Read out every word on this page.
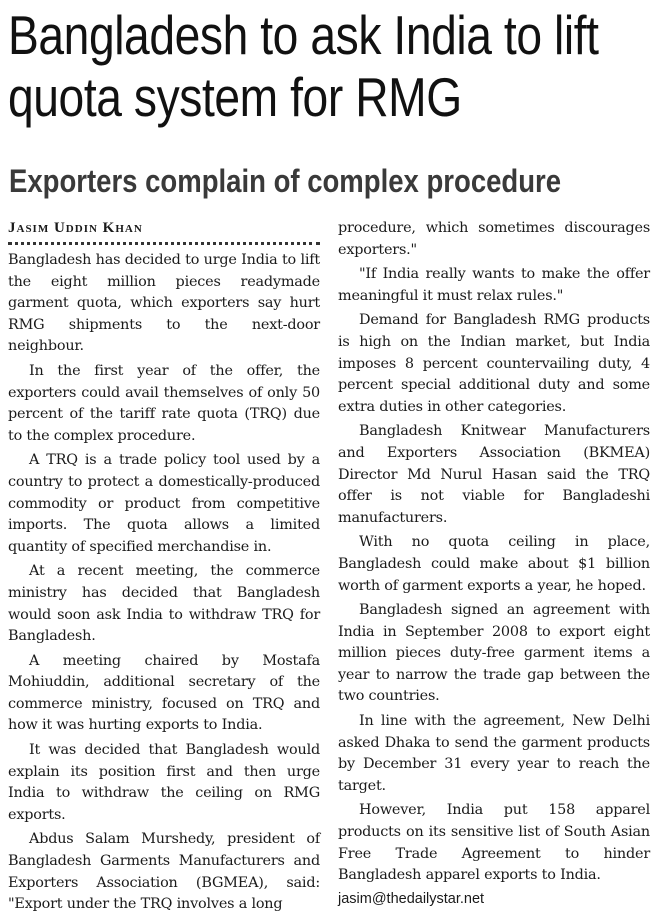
Bangladesh to ask India to lift quota system for RMG
Exporters complain of complex procedure
Jasim Uddin Khan

Bangladesh has decided to urge India to lift the eight million pieces readymade garment quota, which exporters say hurt RMG shipments to the next-door neighbour.

In the first year of the offer, the exporters could avail themselves of only 50 percent of the tariff rate quota (TRQ) due to the complex procedure.

A TRQ is a trade policy tool used by a country to protect a domestically-produced commodity or product from competitive imports. The quota allows a limited quantity of specified merchandise in.

At a recent meeting, the commerce ministry has decided that Bangladesh would soon ask India to withdraw TRQ for Bangladesh.

A meeting chaired by Mostafa Mohiuddin, additional secretary of the commerce ministry, focused on TRQ and how it was hurting exports to India.

It was decided that Bangladesh would explain its position first and then urge India to withdraw the ceiling on RMG exports.

Abdus Salam Murshedy, president of Bangladesh Garments Manufacturers and Exporters Association (BGMEA), said: "Export under the TRQ involves a long

procedure, which sometimes discourages exporters."

"If India really wants to make the offer meaningful it must relax rules."

Demand for Bangladesh RMG products is high on the Indian market, but India imposes 8 percent countervailing duty, 4 percent special additional duty and some extra duties in other categories.

Bangladesh Knitwear Manufacturers and Exporters Association (BKMEA) Director Md Nurul Hasan said the TRQ offer is not viable for Bangladeshi manufacturers.

With no quota ceiling in place, Bangladesh could make about $1 billion worth of garment exports a year, he hoped.

Bangladesh signed an agreement with India in September 2008 to export eight million pieces duty-free garment items a year to narrow the trade gap between the two countries.

In line with the agreement, New Delhi asked Dhaka to send the garment products by December 31 every year to reach the target.

However, India put 158 apparel products on its sensitive list of South Asian Free Trade Agreement to hinder Bangladesh apparel exports to India.

jasim@thedailystar.net
